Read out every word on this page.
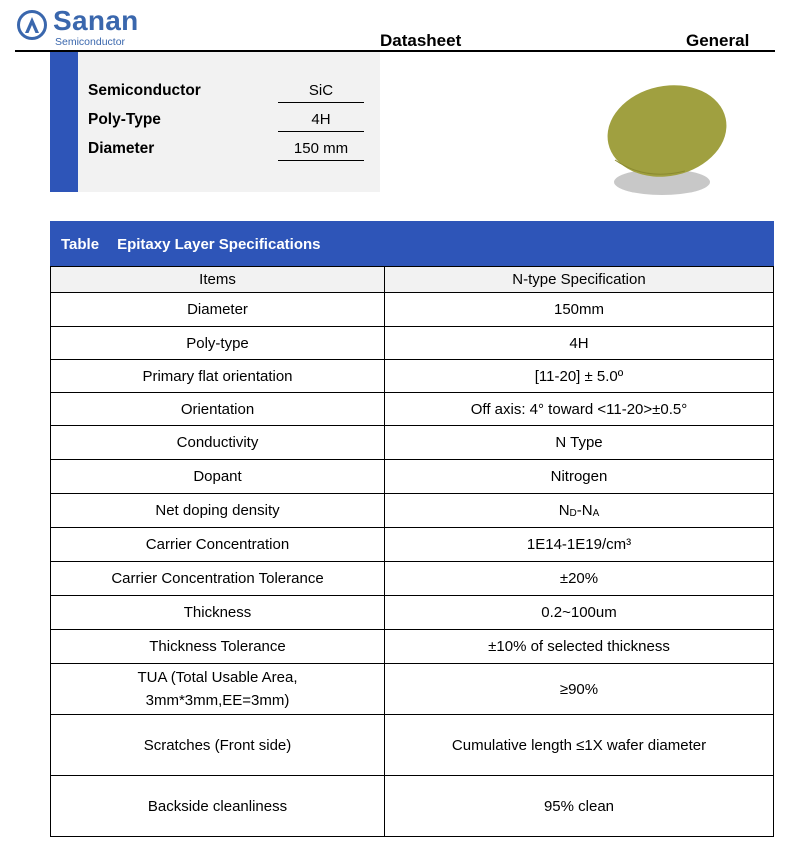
Sanan
Semiconductor	Datasheet	General
Semiconductor	SiC
Poly-Type	4H
Diameter	150 mm
Table Epitaxy Layer Specifications	
Items	N-type Specification
Diameter	150mm
Poly-type	4H
Primary flat orientation	[11-20] ± 5.0º
Orientation	Off axis: 4° toward <11-20>±0.5°
Conductivity	N Type
Dopant	Nitrogen
Net doping density	$N_D-N_A$
Carrier Concentration	1E14-1E19/cm³
Carrier Concentration Tolerance	±20%
Thickness	0.2~100um
Thickness Tolerance	±10% of selected thickness
TUA (Total Usable Area,
3mm*3mm,EE=3mm)	≥90%
Scratches (Front side)	Cumulative length ≤1X wafer diameter
Backside cleanliness	95% clean
